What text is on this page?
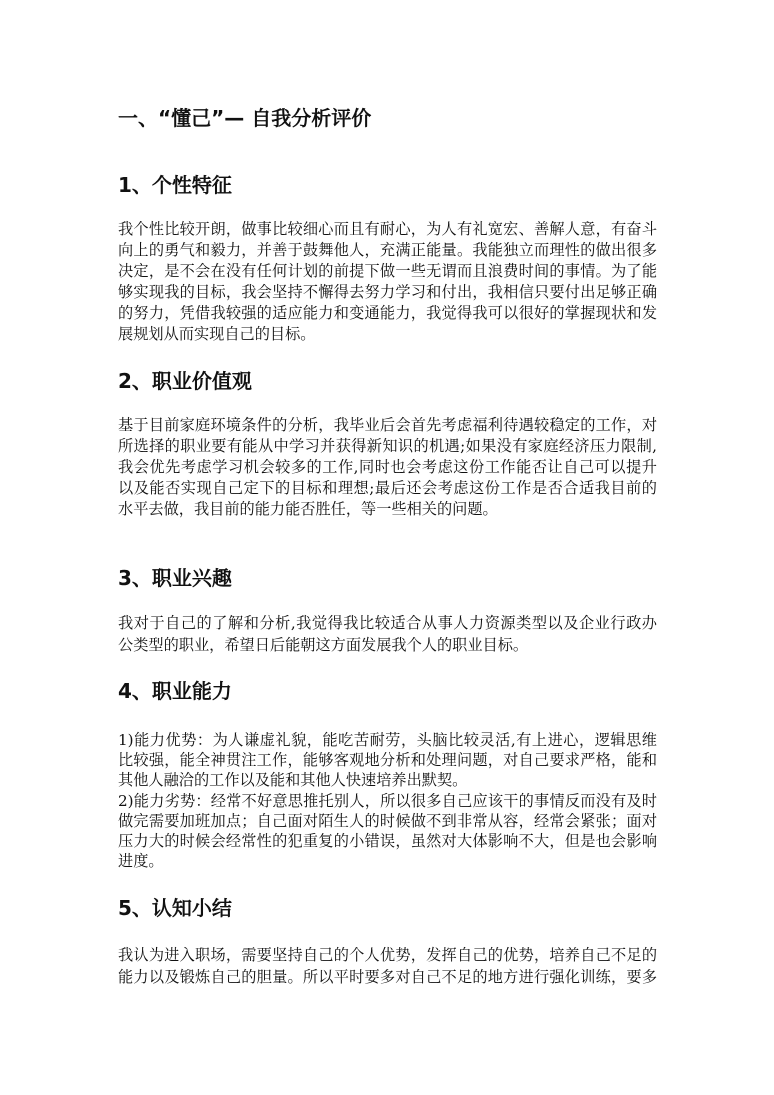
一、“懂己”— 自我分析评价
1、个性特征
我个性比较开朗，做事比较细心而且有耐心，为人有礼宽宏、善解人意，有奋斗
向上的勇气和毅力，并善于鼓舞他人，充满正能量。我能独立而理性的做出很多
决定，是不会在没有任何计划的前提下做一些无谓而且浪费时间的事情。为了能
够实现我的目标，我会坚持不懈得去努力学习和付出，我相信只要付出足够正确
的努力，凭借我较强的适应能力和变通能力，我觉得我可以很好的掌握现状和发
展规划从而实现自己的目标。
2、职业价值观
基于目前家庭环境条件的分析，我毕业后会首先考虑福利待遇较稳定的工作，对
所选择的职业要有能从中学习并获得新知识的机遇;如果没有家庭经济压力限制,
我会优先考虑学习机会较多的工作,同时也会考虑这份工作能否让自己可以提升
以及能否实现自己定下的目标和理想;最后还会考虑这份工作是否合适我目前的
水平去做，我目前的能力能否胜任，等一些相关的问题。
3、职业兴趣
我对于自己的了解和分析,我觉得我比较适合从事人力资源类型以及企业行政办
公类型的职业，希望日后能朝这方面发展我个人的职业目标。
4、职业能力
1)能力优势：为人谦虚礼貌，能吃苦耐劳，头脑比较灵活,有上进心，逻辑思维
比较强，能全神贯注工作，能够客观地分析和处理问题，对自己要求严格，能和
其他人融洽的工作以及能和其他人快速培养出默契。
2)能力劣势：经常不好意思推托别人，所以很多自己应该干的事情反而没有及时
做完需要加班加点；自己面对陌生人的时候做不到非常从容，经常会紧张；面对
压力大的时候会经常性的犯重复的小错误，虽然对大体影响不大，但是也会影响
进度。
5、认知小结
我认为进入职场，需要坚持自己的个人优势，发挥自己的优势，培养自己不足的
能力以及锻炼自己的胆量。所以平时要多对自己不足的地方进行强化训练，要多
